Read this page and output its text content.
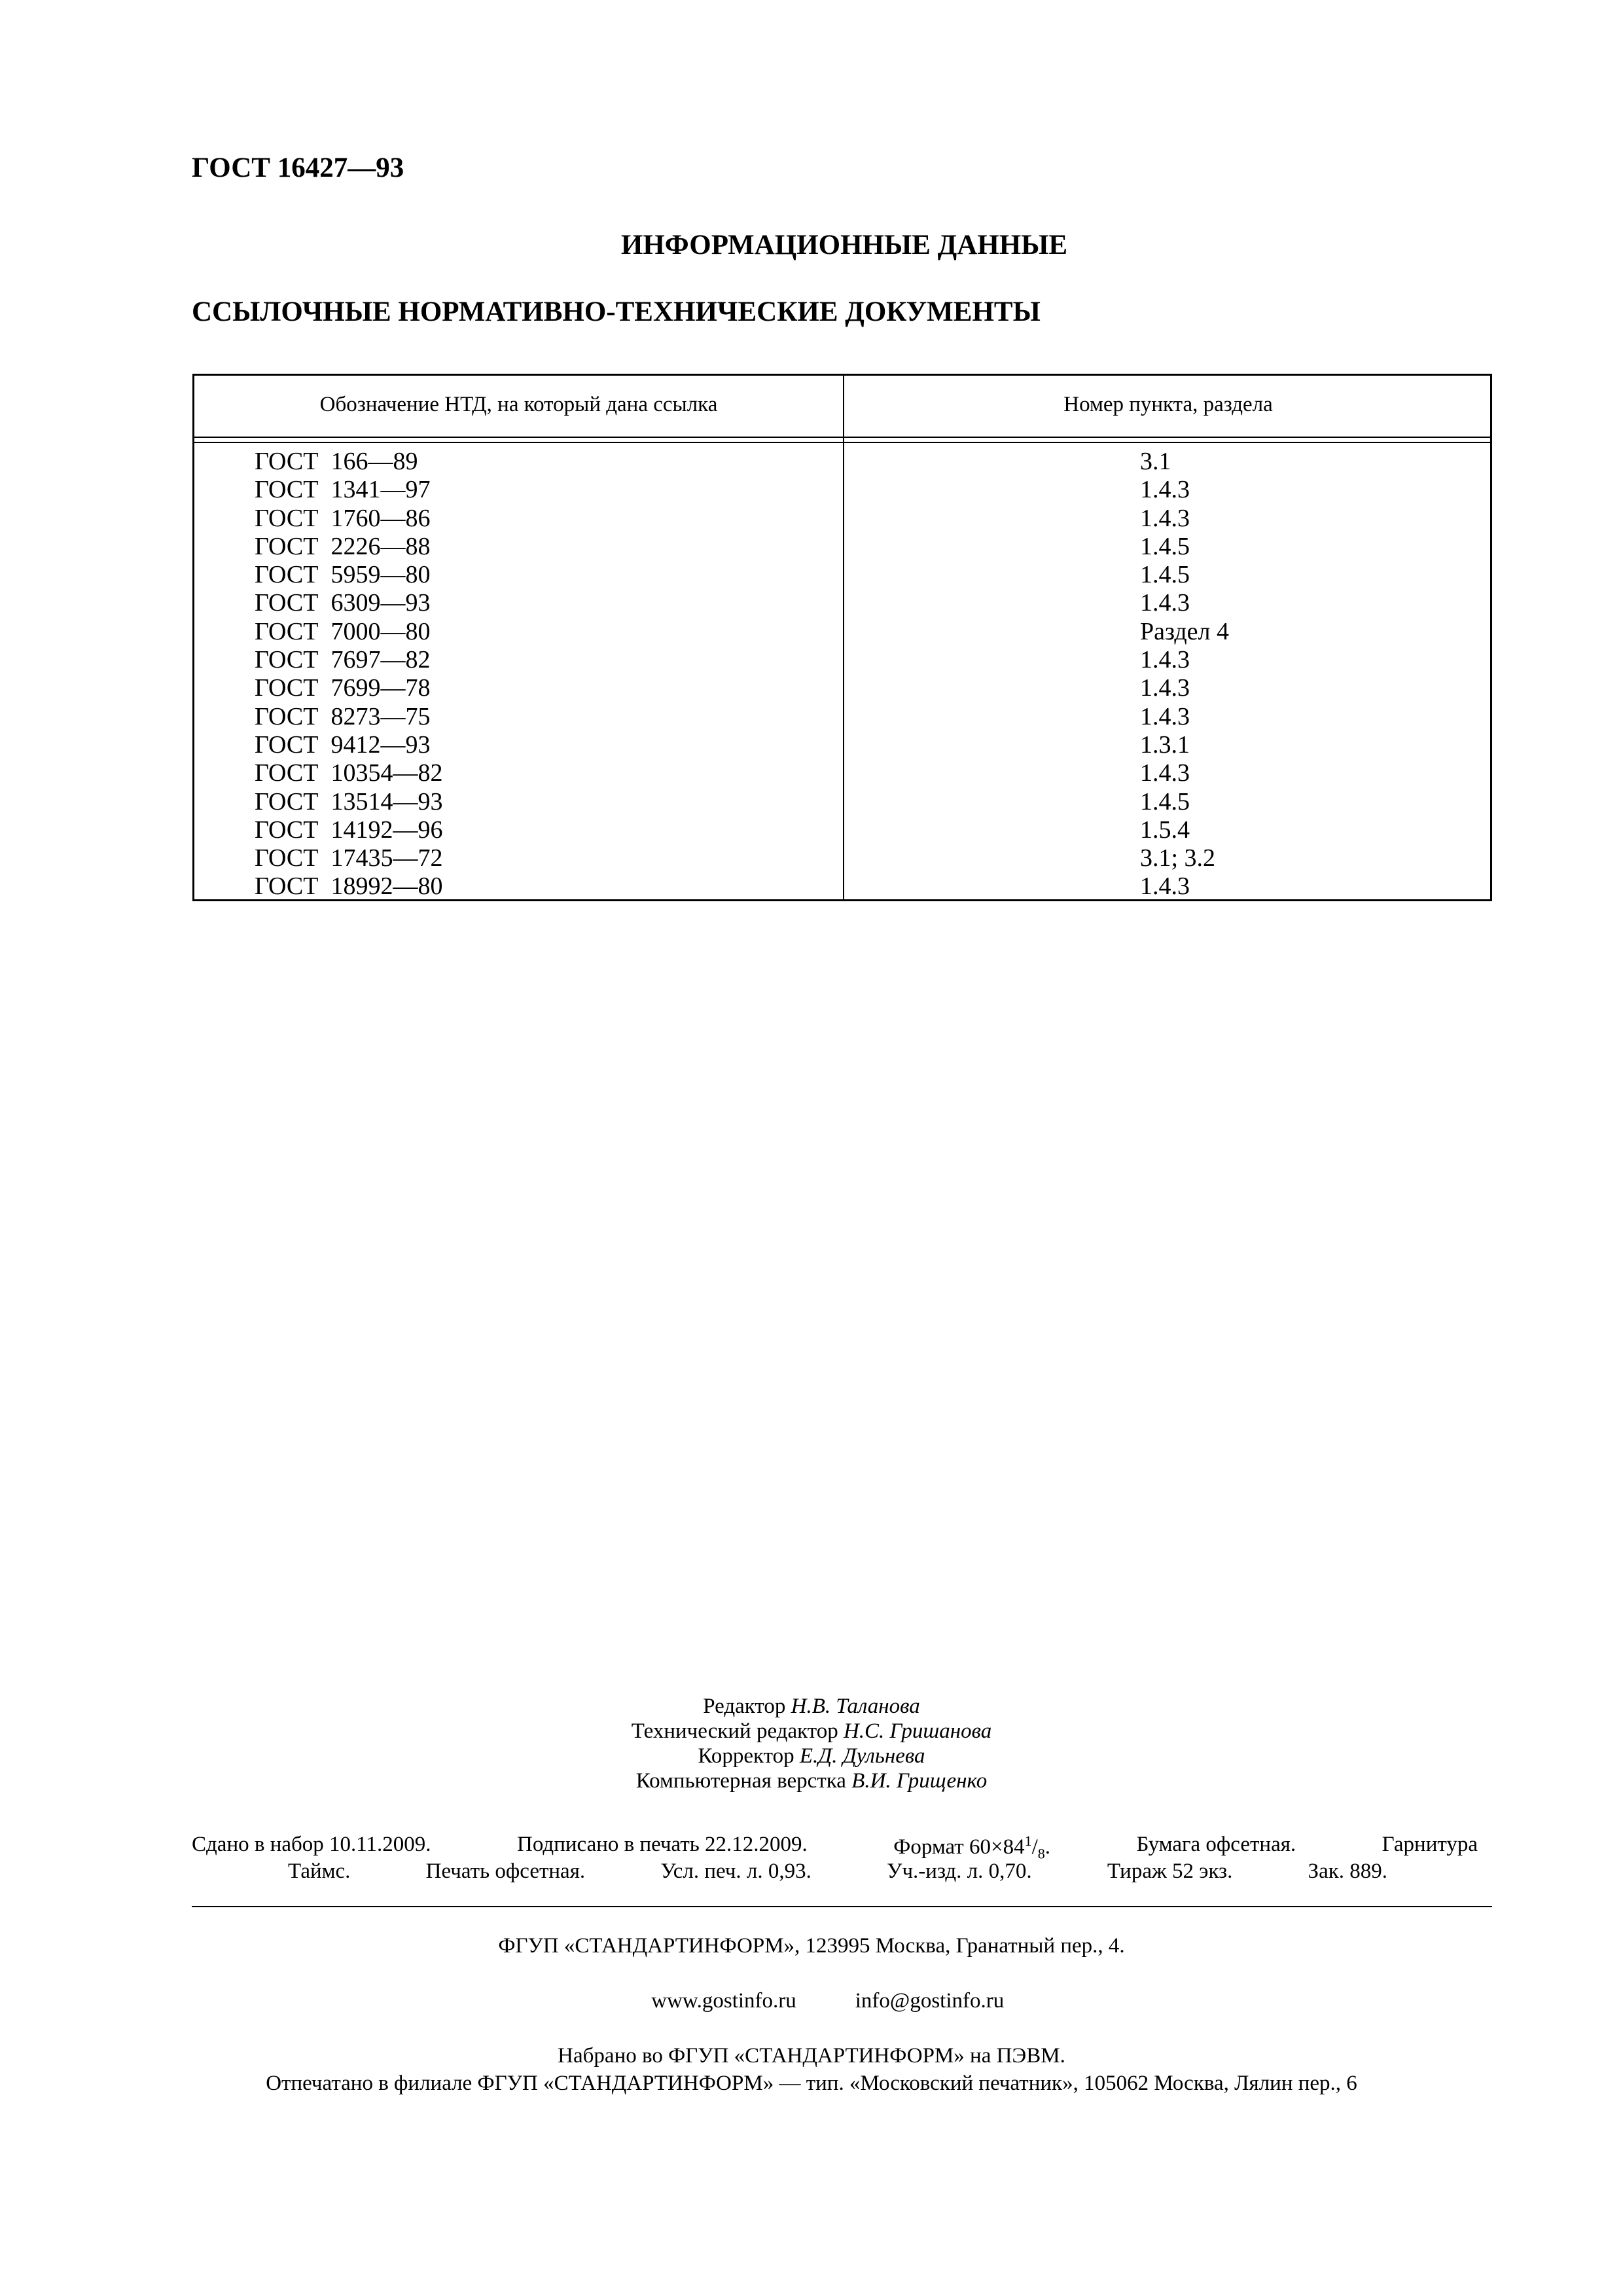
ГОСТ 16427—93
ИНФОРМАЦИОННЫЕ ДАННЫЕ
ССЫЛОЧНЫЕ НОРМАТИВНО-ТЕХНИЧЕСКИЕ ДОКУМЕНТЫ
Обозначение НТД, на который дана ссылка	Номер пункта, раздела
ГОСТ  166—89	3.1
ГОСТ  1341—97	1.4.3
ГОСТ  1760—86	1.4.3
ГОСТ  2226—88	1.4.5
ГОСТ  5959—80	1.4.5
ГОСТ  6309—93	1.4.3
ГОСТ  7000—80	Раздел 4
ГОСТ  7697—82	1.4.3
ГОСТ  7699—78	1.4.3
ГОСТ  8273—75	1.4.3
ГОСТ  9412—93	1.3.1
ГОСТ  10354—82	1.4.3
ГОСТ  13514—93	1.4.5
ГОСТ  14192—96	1.5.4
ГОСТ  17435—72	3.1; 3.2
ГОСТ  18992—80	1.4.3
Редактор Н.В. Таланова
Технический редактор Н.С. Гришанова
Корректор Е.Д. Дульнева
Компьютерная верстка В.И. Грищенко
Сдано в набор 10.11.2009.	Подписано в печать 22.12.2009.	Формат $60\times 84^1/_8$.	Бумага офсетная.	Гарнитура
Таймс.	Печать офсетная.	Усл. печ. л. 0,93.	Уч.-изд. л. 0,70.	Тираж 52 экз.	Зак. 889.
ФГУП «СТАНДАРТИНФОРМ», 123995 Москва, Гранатный пер., 4.

www.gostinfo.ru	info@gostinfo.ru

Набрано во ФГУП «СТАНДАРТИНФОРМ» на ПЭВМ.
Отпечатано в филиале ФГУП «СТАНДАРТИНФОРМ» — тип. «Московский печатник», 105062 Москва, Лялин пер., 6
